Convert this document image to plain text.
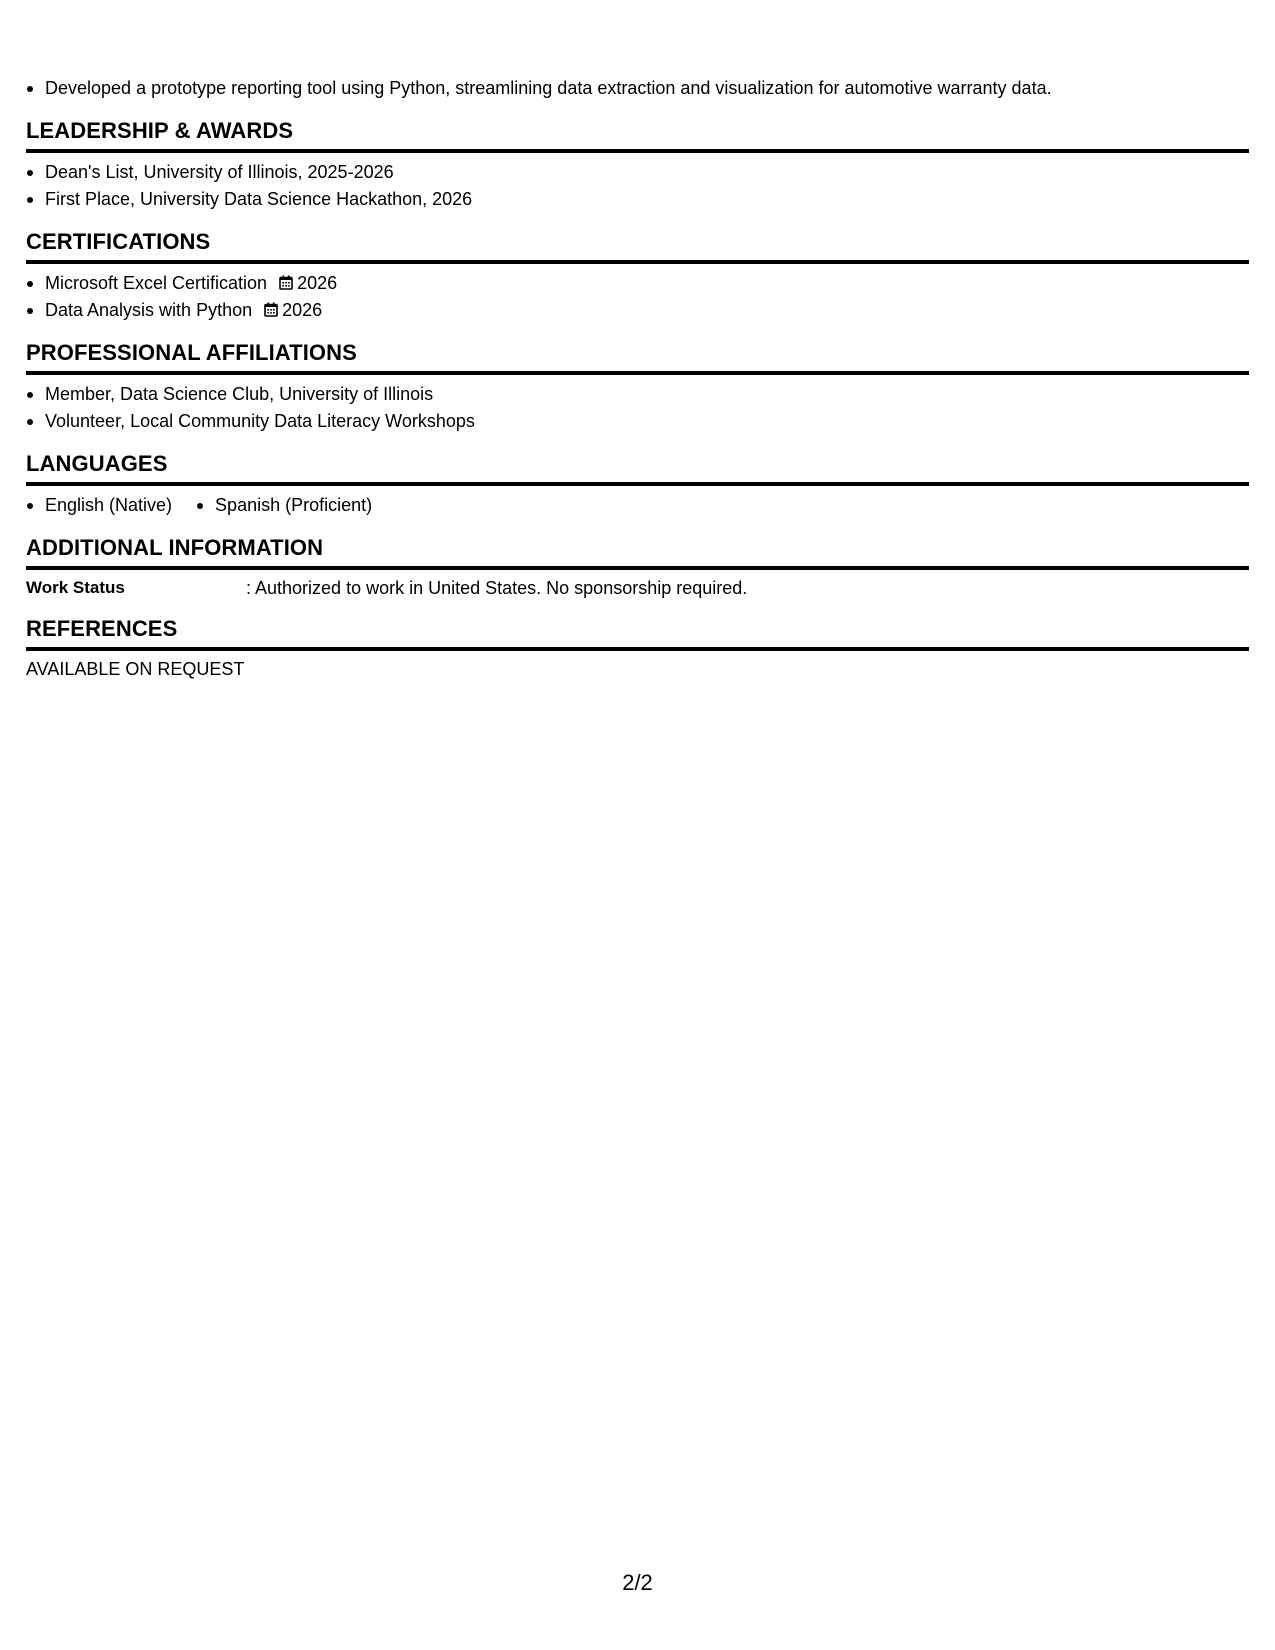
Developed a prototype reporting tool using Python, streamlining data extraction and visualization for automotive warranty data.
LEADERSHIP & AWARDS
Dean's List, University of Illinois, 2025-2026
First Place, University Data Science Hackathon, 2026
CERTIFICATIONS
Microsoft Excel Certification 2026
Data Analysis with Python 2026
PROFESSIONAL AFFILIATIONS
Member, Data Science Club, University of Illinois
Volunteer, Local Community Data Literacy Workshops
LANGUAGES
English (Native)	Spanish (Proficient)
ADDITIONAL INFORMATION
Work Status	: Authorized to work in United States. No sponsorship required.
REFERENCES
AVAILABLE ON REQUEST
2/2
